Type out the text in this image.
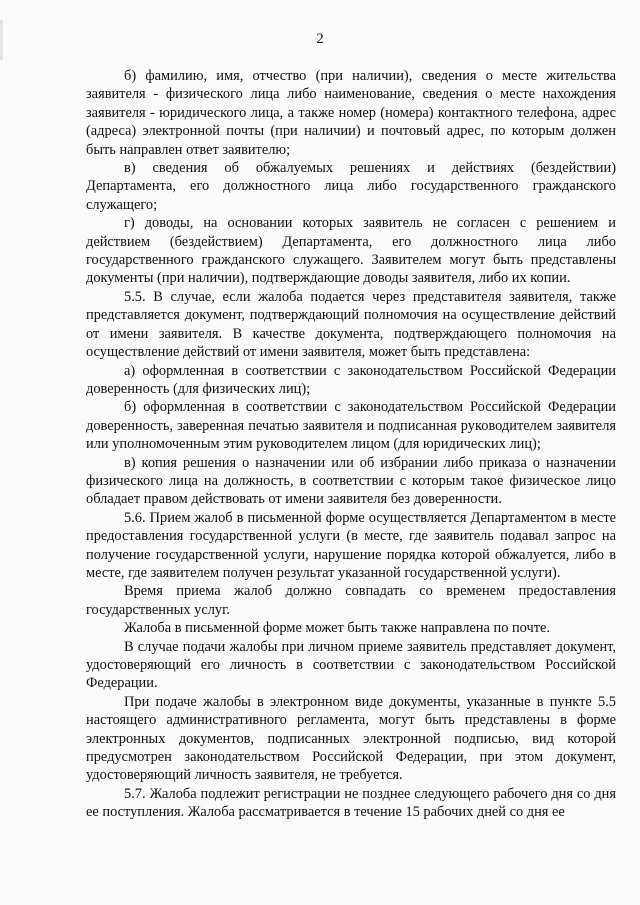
2

б) фамилию, имя, отчество (при наличии), сведения о месте жительства заявителя - физического лица либо наименование, сведения о месте нахождения заявителя - юридического лица, а также номер (номера) контактного телефона, адрес (адреса) электронной почты (при наличии) и почтовый адрес, по которым должен быть направлен ответ заявителю;

в) сведения об обжалуемых решениях и действиях (бездействии) Департамента, его должностного лица либо государственного гражданского служащего;

г) доводы, на основании которых заявитель не согласен с решением и действием (бездействием) Департамента, его должностного лица либо государственного гражданского служащего. Заявителем могут быть представлены документы (при наличии), подтверждающие доводы заявителя, либо их копии.

5.5. В случае, если жалоба подается через представителя заявителя, также представляется документ, подтверждающий полномочия на осуществление действий от имени заявителя. В качестве документа, подтверждающего полномочия на осуществление действий от имени заявителя, может быть представлена:

а) оформленная в соответствии с законодательством Российской Федерации доверенность (для физических лиц);

б) оформленная в соответствии с законодательством Российской Федерации доверенность, заверенная печатью заявителя и подписанная руководителем заявителя или уполномоченным этим руководителем лицом (для юридических лиц);

в) копия решения о назначении или об избрании либо приказа о назначении физического лица на должность, в соответствии с которым такое физическое лицо обладает правом действовать от имени заявителя без доверенности.

5.6. Прием жалоб в письменной форме осуществляется Департаментом в месте предоставления государственной услуги (в месте, где заявитель подавал запрос на получение государственной услуги, нарушение порядка которой обжалуется, либо в месте, где заявителем получен результат указанной государственной услуги).

Время приема жалоб должно совпадать со временем предоставления государственных услуг.

Жалоба в письменной форме может быть также направлена по почте.

В случае подачи жалобы при личном приеме заявитель представляет документ, удостоверяющий его личность в соответствии с законодательством Российской Федерации.

При подаче жалобы в электронном виде документы, указанные в пункте 5.5 настоящего административного регламента, могут быть представлены в форме электронных документов, подписанных электронной подписью, вид которой предусмотрен законодательством Российской Федерации, при этом документ, удостоверяющий личность заявителя, не требуется.

5.7. Жалоба подлежит регистрации не позднее следующего рабочего дня со дня ее поступления. Жалоба рассматривается в течение 15 рабочих дней со дня ее
